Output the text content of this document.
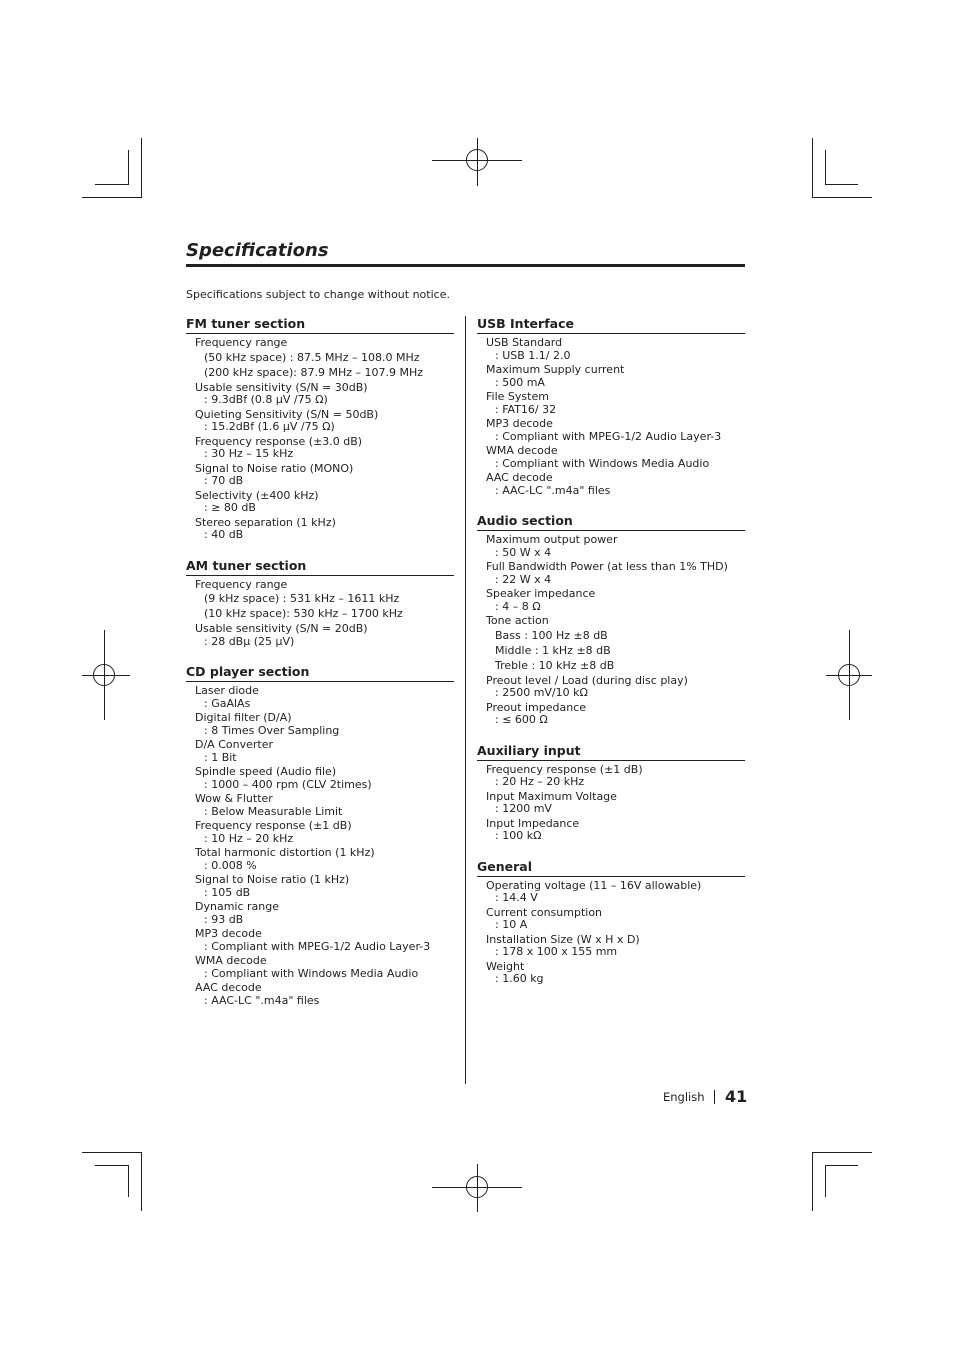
Specifications
Specifications subject to change without notice.
FM tuner section
Frequency range
(50 kHz space) : 87.5 MHz – 108.0 MHz
(200 kHz space): 87.9 MHz – 107.9 MHz
Usable sensitivity (S/N = 30dB)
: 9.3dBf (0.8 µV /75 Ω)
Quieting Sensitivity (S/N = 50dB)
: 15.2dBf (1.6 µV /75 Ω)
Frequency response (±3.0 dB)
: 30 Hz – 15 kHz
Signal to Noise ratio (MONO)
: 70 dB
Selectivity (±400 kHz)
: ≥ 80 dB
Stereo separation (1 kHz)
: 40 dB
AM tuner section
Frequency range
(9 kHz space) : 531 kHz – 1611 kHz
(10 kHz space): 530 kHz – 1700 kHz
Usable sensitivity (S/N = 20dB)
: 28 dBµ (25 µV)
CD player section
Laser diode
: GaAlAs
Digital filter (D/A)
: 8 Times Over Sampling
D/A Converter
: 1 Bit
Spindle speed (Audio file)
: 1000 – 400 rpm (CLV 2times)
Wow & Flutter
: Below Measurable Limit
Frequency response (±1 dB)
: 10 Hz – 20 kHz
Total harmonic distortion (1 kHz)
: 0.008 %
Signal to Noise ratio (1 kHz)
: 105 dB
Dynamic range
: 93 dB
MP3 decode
: Compliant with MPEG-1/2 Audio Layer-3
WMA decode
: Compliant with Windows Media Audio
AAC decode
: AAC-LC ".m4a" files
USB Interface
USB Standard
: USB 1.1/ 2.0
Maximum Supply current
: 500 mA
File System
: FAT16/ 32
MP3 decode
: Compliant with MPEG-1/2 Audio Layer-3
WMA decode
: Compliant with Windows Media Audio
AAC decode
: AAC-LC ".m4a" files
Audio section
Maximum output power
: 50 W x 4
Full Bandwidth Power (at less than 1% THD)
: 22 W x 4
Speaker impedance
: 4 – 8 Ω
Tone action
Bass : 100 Hz ±8 dB
Middle : 1 kHz ±8 dB
Treble : 10 kHz ±8 dB
Preout level / Load (during disc play)
: 2500 mV/10 kΩ
Preout impedance
: ≤ 600 Ω
Auxiliary input
Frequency response (±1 dB)
: 20 Hz – 20 kHz
Input Maximum Voltage
: 1200 mV
Input Impedance
: 100 kΩ
General
Operating voltage (11 – 16V allowable)
: 14.4 V
Current consumption
: 10 A
Installation Size (W x H x D)
: 178 x 100 x 155 mm
Weight
: 1.60 kg
English 41
